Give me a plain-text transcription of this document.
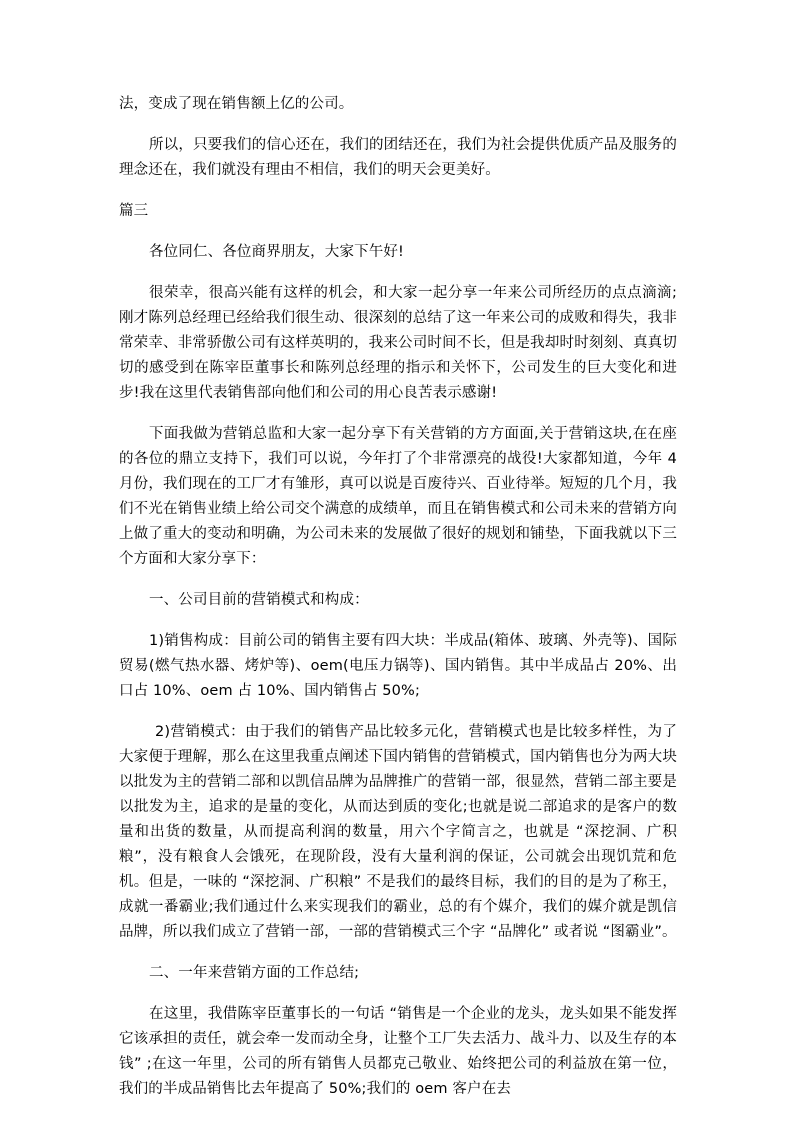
法，变成了现在销售额上亿的公司。

所以，只要我们的信心还在，我们的团结还在，我们为社会提供优质产品及服务的理念还在，我们就没有理由不相信，我们的明天会更美好。

篇三

各位同仁、各位商界朋友，大家下午好!

很荣幸，很高兴能有这样的机会，和大家一起分享一年来公司所经历的点点滴滴;刚才陈列总经理已经给我们很生动、很深刻的总结了这一年来公司的成败和得失，我非常荣幸、非常骄傲公司有这样英明的，我来公司时间不长，但是我却时时刻刻、真真切切的感受到在陈宰臣董事长和陈列总经理的指示和关怀下，公司发生的巨大变化和进步!我在这里代表销售部向他们和公司的用心良苦表示感谢!

下面我做为营销总监和大家一起分享下有关营销的方方面面,关于营销这块,在在座的各位的鼎立支持下，我们可以说，今年打了个非常漂亮的战役!大家都知道，今年 4 月份，我们现在的工厂才有雏形，真可以说是百废待兴、百业待举。短短的几个月，我们不光在销售业绩上给公司交个满意的成绩单，而且在销售模式和公司未来的营销方向上做了重大的变动和明确，为公司未来的发展做了很好的规划和铺垫，下面我就以下三个方面和大家分享下：

一、公司目前的营销模式和构成：

1)销售构成：目前公司的销售主要有四大块：半成品(箱体、玻璃、外壳等)、国际贸易(燃气热水器、烤炉等)、oem(电压力锅等)、国内销售。其中半成品占 20%、出口占 10%、oem 占 10%、国内销售占 50%;

2)营销模式：由于我们的销售产品比较多元化，营销模式也是比较多样性，为了大家便于理解，那么在这里我重点阐述下国内销售的营销模式，国内销售也分为两大块 以批发为主的营销二部和以凯信品牌为品牌推广的营销一部，很显然，营销二部主要是以批发为主，追求的是量的变化，从而达到质的变化;也就是说二部追求的是客户的数量和出货的数量，从而提高利润的数量，用六个字简言之，也就是 “深挖洞、广积粮”，没有粮食人会饿死，在现阶段，没有大量利润的保证，公司就会出现饥荒和危机。但是，一味的 “深挖洞、广积粮” 不是我们的最终目标，我们的目的是为了称王，成就一番霸业;我们通过什么来实现我们的霸业，总的有个媒介，我们的媒介就是凯信品牌，所以我们成立了营销一部，一部的营销模式三个字 “品牌化” 或者说 “图霸业”。

二、一年来营销方面的工作总结;

在这里，我借陈宰臣董事长的一句话 “销售是一个企业的龙头，龙头如果不能发挥它该承担的责任，就会牵一发而动全身，让整个工厂失去活力、战斗力、以及生存的本钱” ;在这一年里，公司的所有销售人员都克己敬业、始终把公司的利益放在第一位，我们的半成品销售比去年提高了 50%;我们的 oem 客户在去
